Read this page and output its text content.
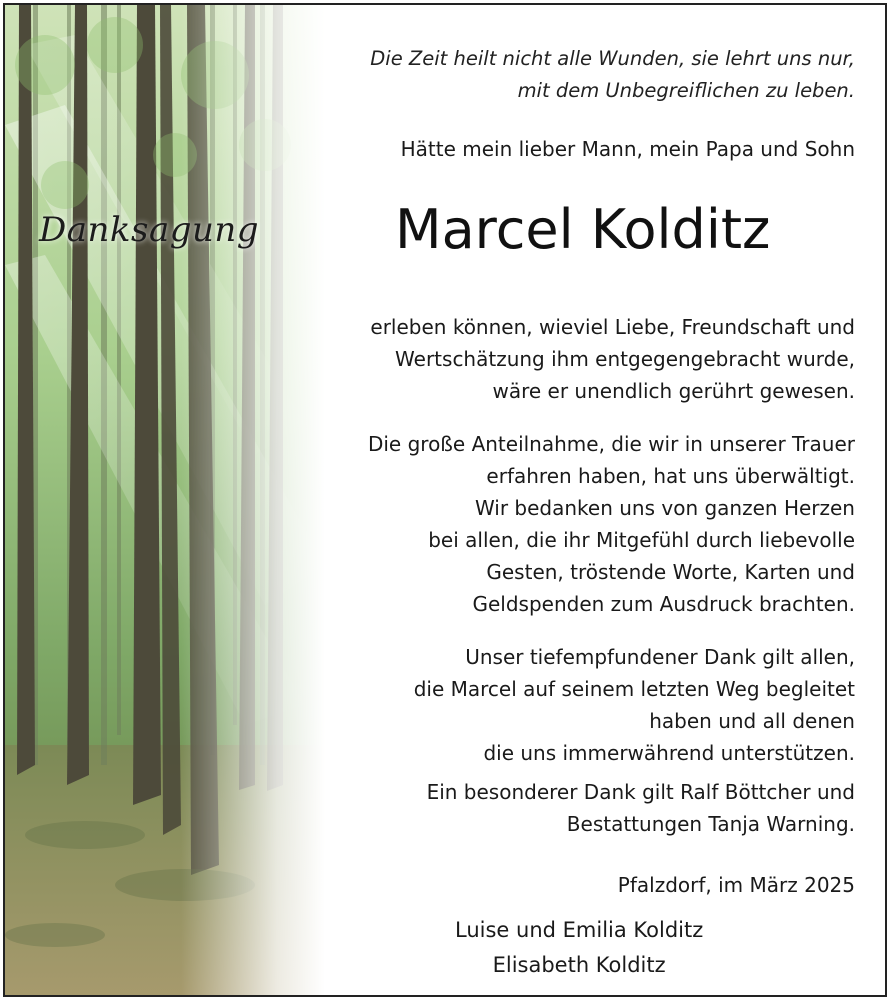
Danksagung
Die Zeit heilt nicht alle Wunden, sie lehrt uns nur,
mit dem Unbegreiflichen zu leben.
Hätte mein lieber Mann, mein Papa und Sohn
Marcel Kolditz
erleben können, wieviel Liebe, Freundschaft und
Wertschätzung ihm entgegengebracht wurde,
wäre er unendlich gerührt gewesen.
Die große Anteilnahme, die wir in unserer Trauer
erfahren haben, hat uns überwältigt.
Wir bedanken uns von ganzen Herzen
bei allen, die ihr Mitgefühl durch liebevolle
Gesten, tröstende Worte, Karten und
Geldspenden zum Ausdruck brachten.
Unser tiefempfundener Dank gilt allen,
die Marcel auf seinem letzten Weg begleitet
haben und all denen
die uns immerwährend unterstützen.
Ein besonderer Dank gilt Ralf Böttcher und
Bestattungen Tanja Warning.
Pfalzdorf, im März 2025
Luise und Emilia Kolditz
Elisabeth Kolditz
